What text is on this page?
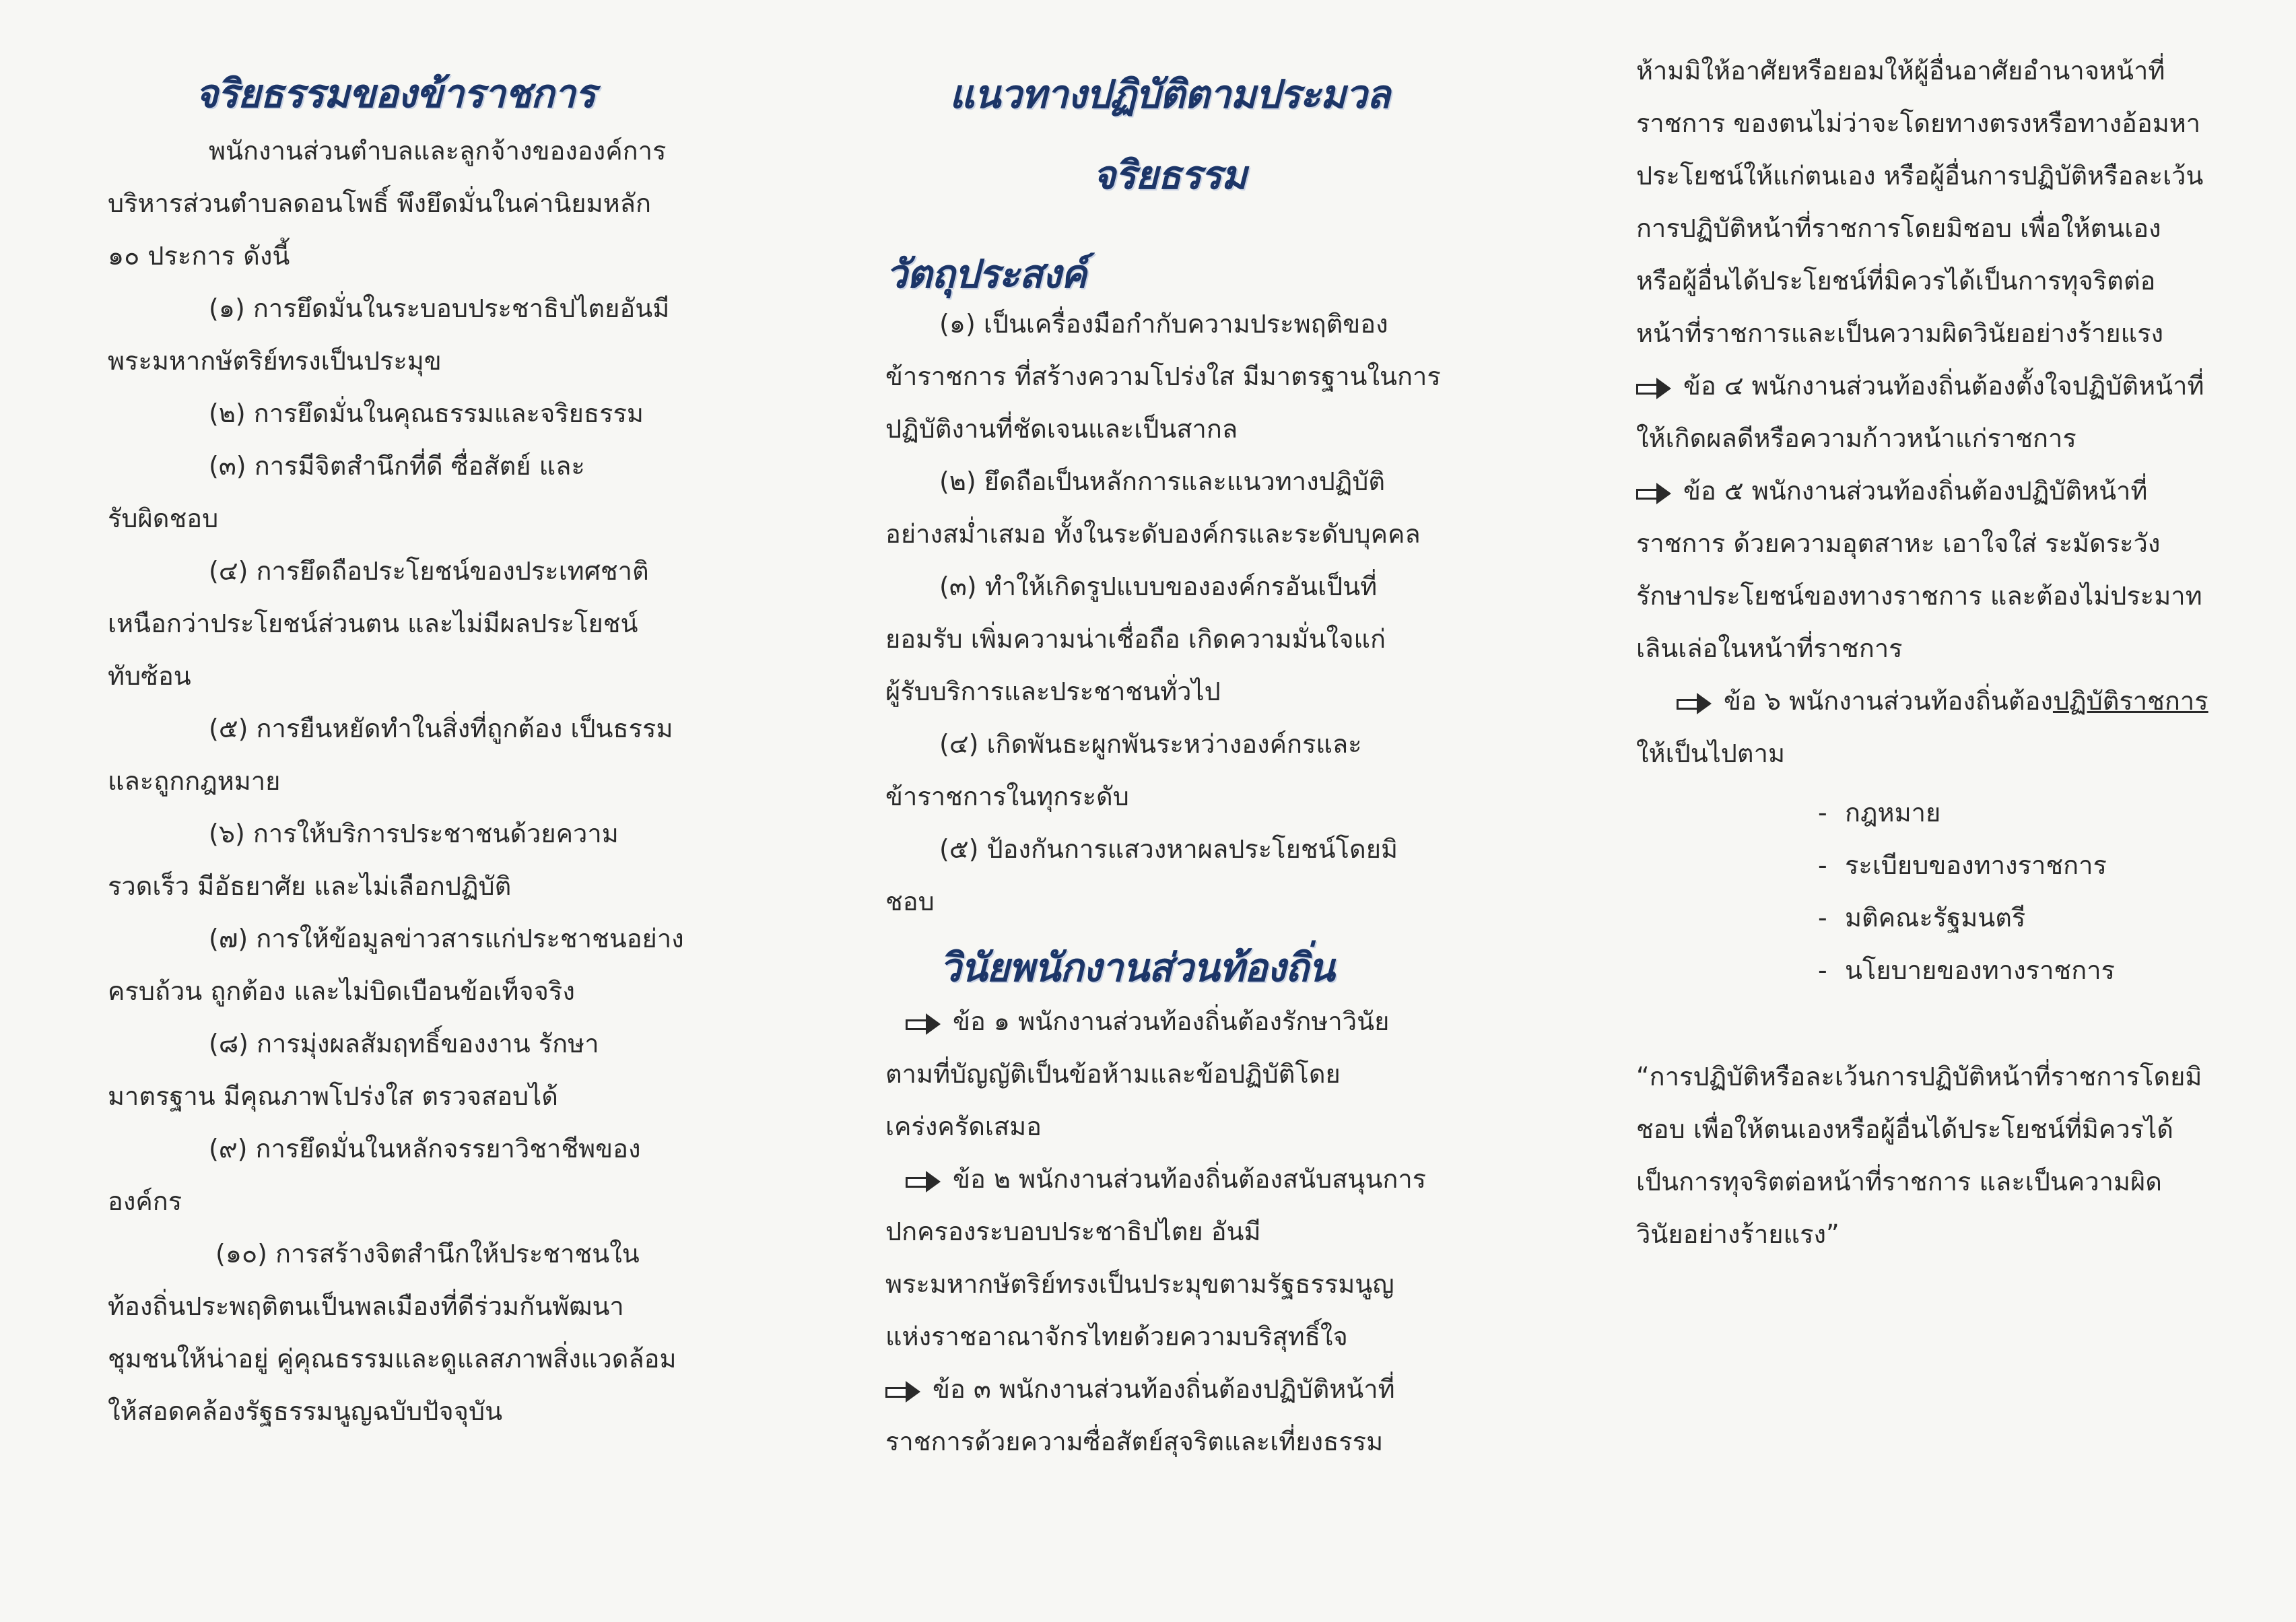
จริยธรรมของข้าราชการ

พนักงานส่วนตำบลและลูกจ้างขององค์การ

บริหารส่วนตำบลดอนโพธิ์ พึงยึดมั่นในค่านิยมหลัก

๑๐ ประการ ดังนี้

(๑) การยึดมั่นในระบอบประชาธิปไตยอันมี

พระมหากษัตริย์ทรงเป็นประมุข

(๒) การยึดมั่นในคุณธรรมและจริยธรรม

(๓) การมีจิตสำนึกที่ดี ซื่อสัตย์ และ

รับผิดชอบ

(๔) การยึดถือประโยชน์ของประเทศชาติ

เหนือกว่าประโยชน์ส่วนตน และไม่มีผลประโยชน์

ทับซ้อน

(๕) การยืนหยัดทำในสิ่งที่ถูกต้อง เป็นธรรม

และถูกกฎหมาย

(๖) การให้บริการประชาชนด้วยความ

รวดเร็ว มีอัธยาศัย และไม่เลือกปฏิบัติ

(๗) การให้ข้อมูลข่าวสารแก่ประชาชนอย่าง

ครบถ้วน ถูกต้อง และไม่บิดเบือนข้อเท็จจริง

(๘) การมุ่งผลสัมฤทธิ์ของงาน รักษา

มาตรฐาน มีคุณภาพโปร่งใส ตรวจสอบได้

(๙) การยึดมั่นในหลักจรรยาวิชาชีพของ

องค์กร

(๑๐) การสร้างจิตสำนึกให้ประชาชนใน

ท้องถิ่นประพฤติตนเป็นพลเมืองที่ดีร่วมกันพัฒนา

ชุมชนให้น่าอยู่ คู่คุณธรรมและดูแลสภาพสิ่งแวดล้อม

ให้สอดคล้องรัฐธรรมนูญฉบับปัจจุบัน

แนวทางปฏิบัติตามประมวล
จริยธรรม
วัตถุประสงค์

(๑) เป็นเครื่องมือกำกับความประพฤติของ

ข้าราชการ ที่สร้างความโปร่งใส มีมาตรฐานในการ

ปฏิบัติงานที่ชัดเจนและเป็นสากล

(๒) ยึดถือเป็นหลักการและแนวทางปฏิบัติ

อย่างสม่ำเสมอ ทั้งในระดับองค์กรและระดับบุคคล

(๓) ทำให้เกิดรูปแบบขององค์กรอันเป็นที่

ยอมรับ เพิ่มความน่าเชื่อถือ เกิดความมั่นใจแก่

ผู้รับบริการและประชาชนทั่วไป

(๔) เกิดพันธะผูกพันระหว่างองค์กรและ

ข้าราชการในทุกระดับ

(๕) ป้องกันการแสวงหาผลประโยชน์โดยมิ

ชอบ

วินัยพนักงานส่วนท้องถิ่น

ข้อ ๑ พนักงานส่วนท้องถิ่นต้องรักษาวินัย

ตามที่บัญญัติเป็นข้อห้ามและข้อปฏิบัติโดย

เคร่งครัดเสมอ

ข้อ ๒ พนักงานส่วนท้องถิ่นต้องสนับสนุนการ

ปกครองระบอบประชาธิปไตย อันมี

พระมหากษัตริย์ทรงเป็นประมุขตามรัฐธรรมนูญ

แห่งราชอาณาจักรไทยด้วยความบริสุทธิ์ใจ

ข้อ ๓ พนักงานส่วนท้องถิ่นต้องปฏิบัติหน้าที่

ราชการด้วยความซื่อสัตย์สุจริตและเที่ยงธรรม

ห้ามมิให้อาศัยหรือยอมให้ผู้อื่นอาศัยอำนาจหน้าที่

ราชการ ของตนไม่ว่าจะโดยทางตรงหรือทางอ้อมหา

ประโยชน์ให้แก่ตนเอง หรือผู้อื่นการปฏิบัติหรือละเว้น

การปฏิบัติหน้าที่ราชการโดยมิชอบ เพื่อให้ตนเอง

หรือผู้อื่นได้ประโยชน์ที่มิควรได้เป็นการทุจริตต่อ

หน้าที่ราชการและเป็นความผิดวินัยอย่างร้ายแรง

ข้อ ๔ พนักงานส่วนท้องถิ่นต้องตั้งใจปฏิบัติหน้าที่

ให้เกิดผลดีหรือความก้าวหน้าแก่ราชการ

ข้อ ๕ พนักงานส่วนท้องถิ่นต้องปฏิบัติหน้าที่

ราชการ ด้วยความอุตสาหะ เอาใจใส่ ระมัดระวัง

รักษาประโยชน์ของทางราชการ และต้องไม่ประมาท

เลินเล่อในหน้าที่ราชการ

ข้อ ๖ พนักงานส่วนท้องถิ่นต้องปฏิบัติราชการ

ให้เป็นไปตาม

- กฎหมาย

- ระเบียบของทางราชการ

- มติคณะรัฐมนตรี

- นโยบายของทางราชการ

“การปฏิบัติหรือละเว้นการปฏิบัติหน้าที่ราชการโดยมิ

ชอบ เพื่อให้ตนเองหรือผู้อื่นได้ประโยชน์ที่มิควรได้

เป็นการทุจริตต่อหน้าที่ราชการ และเป็นความผิด

วินัยอย่างร้ายแรง”
